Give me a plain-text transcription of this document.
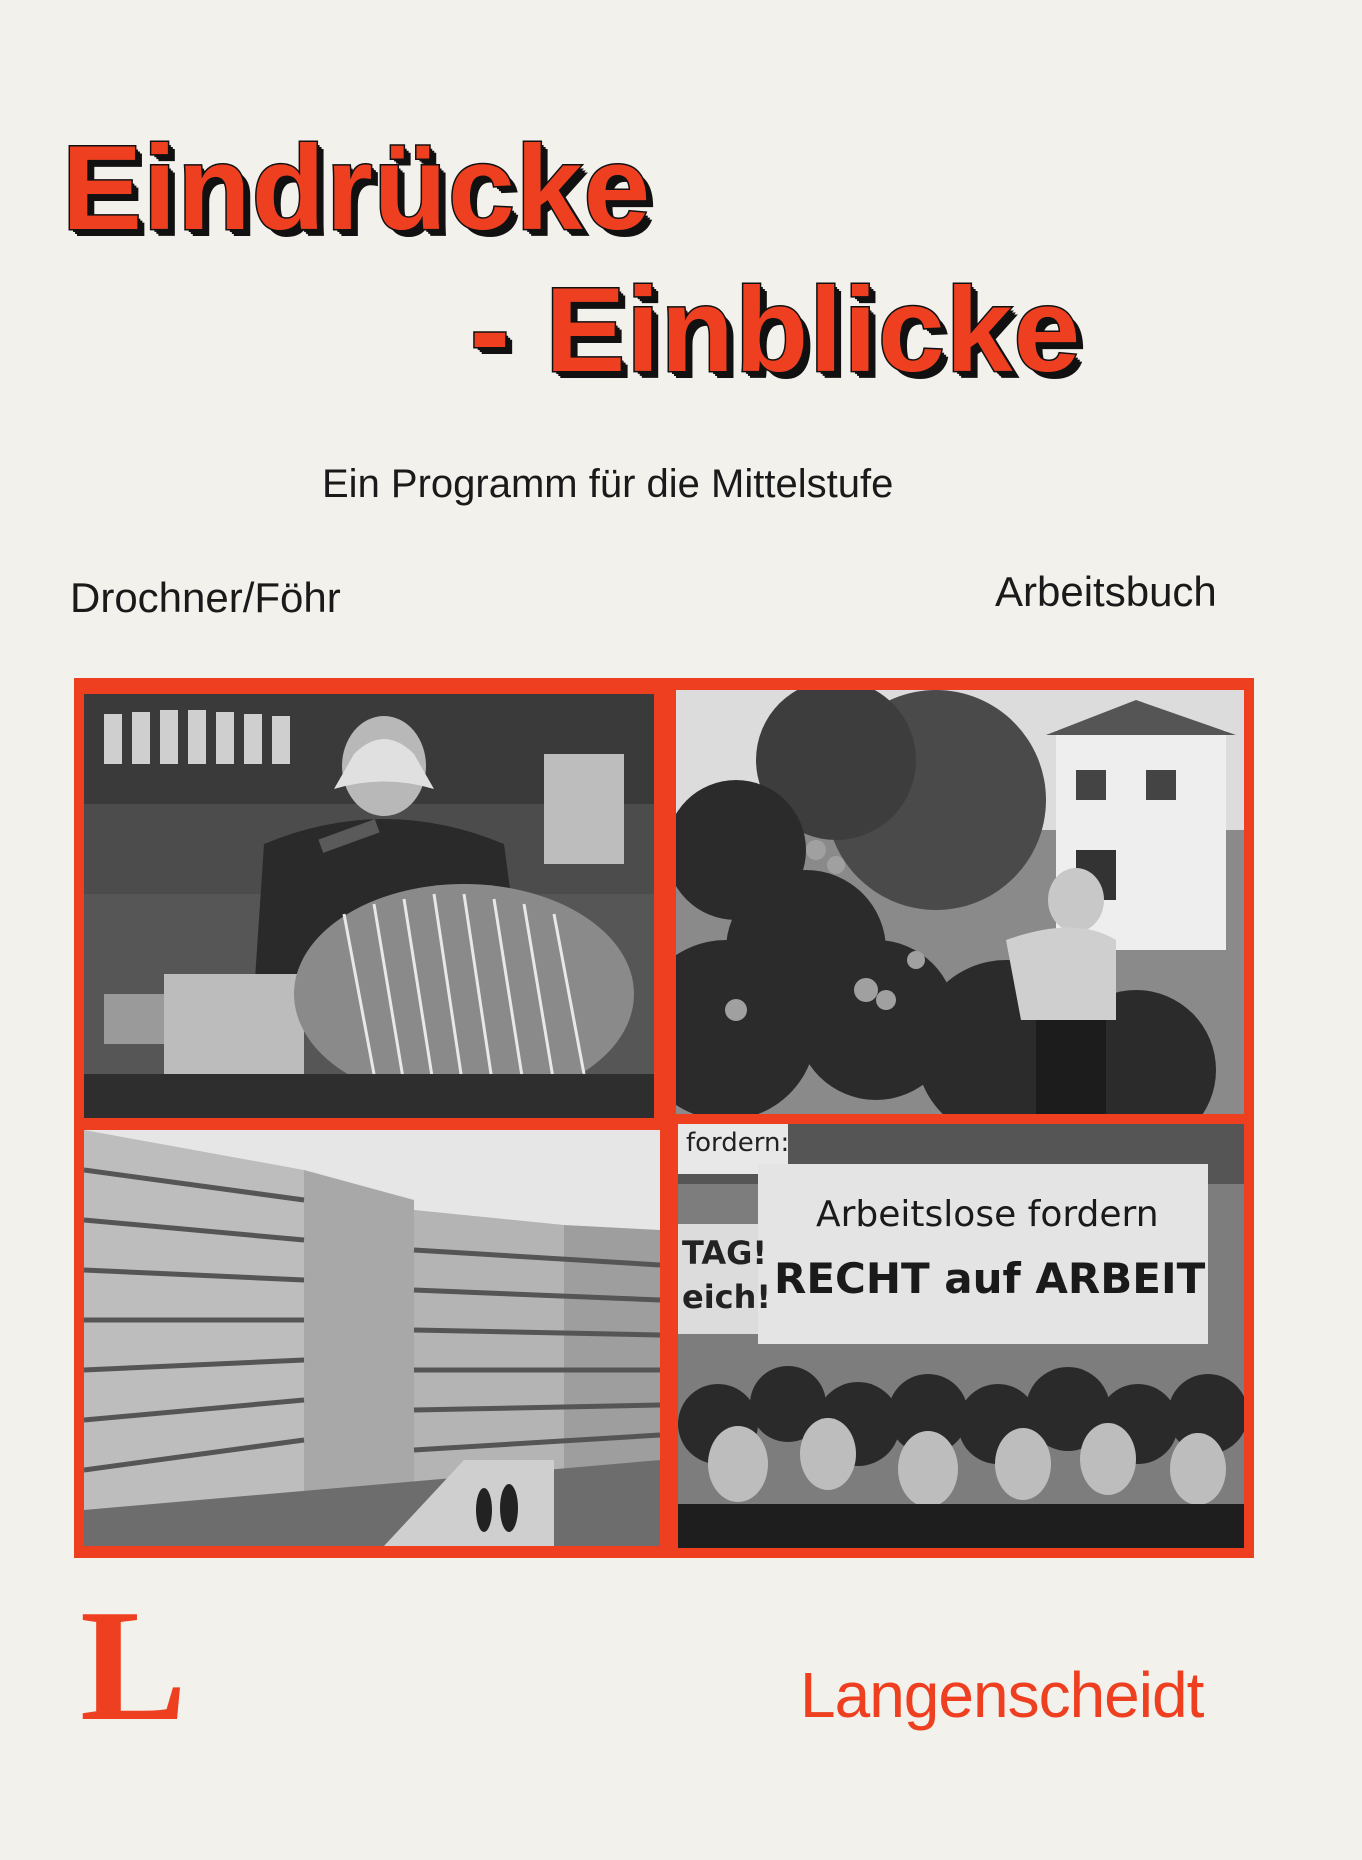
Eindrücke
- Einblicke
Ein Programm für die Mittelstufe
Drochner/Föhr	Arbeitsbuch
fordern:
TAG!
eich!
Arbeitslose fordern
RECHT auf ARBEIT
L	Langenscheidt
